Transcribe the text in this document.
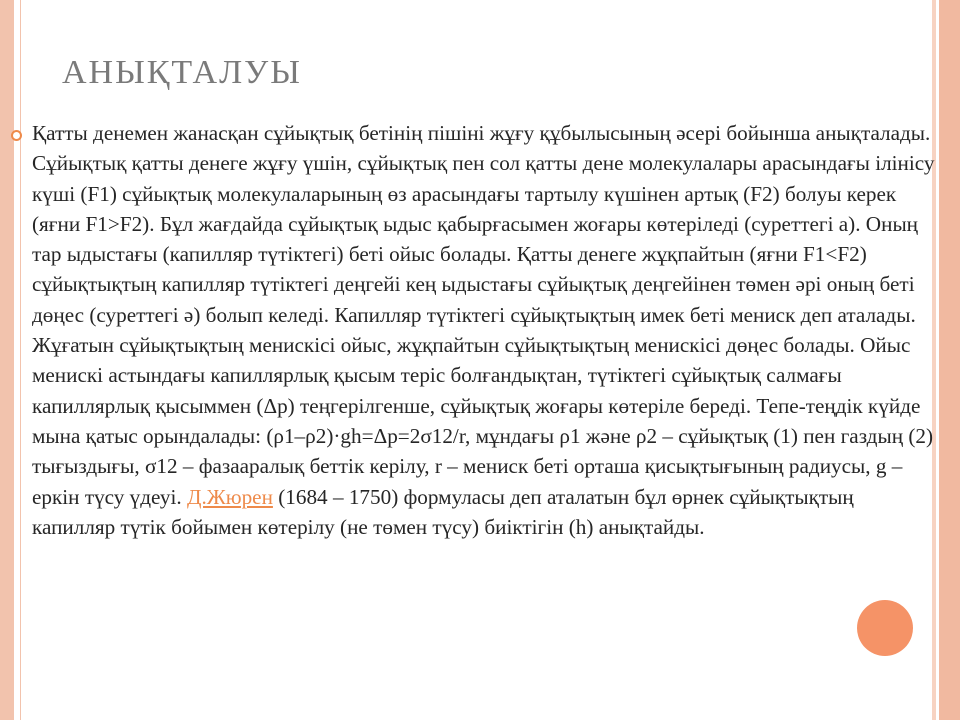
АНЫҚТАЛУЫ

Қатты денемен жанасқан сұйықтық бетінің пішіні жұғу құбылысының әсері бойынша анықталады. Сұйықтық қатты денеге жұғу үшін, сұйықтық пен сол қатты дене молекулалары арасындағы ілінісу күші (F1) сұйықтық молекулаларының өз арасындағы тартылу күшінен артық (F2) болуы керек (яғни F1>F2). Бұл жағдайда сұйықтық ыдыс қабырғасымен жоғары көтеріледі (суреттегі а). Оның тар ыдыстағы (капилляр түтіктегі) беті ойыс болады. Қатты денеге жұқпайтын (яғни F1<F2) сұйықтықтың капилляр түтіктегі деңгейі кең ыдыстағы сұйықтық деңгейінен төмен әрі оның беті дөңес (суреттегі ә) болып келеді. Капилляр түтіктегі сұйықтықтың имек беті мениск деп аталады. Жұғатын сұйықтықтың менискісі ойыс, жұқпайтын сұйықтықтың менискісі дөңес болады. Ойыс менискі астындағы капиллярлық қысым теріс болғандықтан, түтіктегі сұйықтық салмағы капиллярлық қысыммен (Δр) теңгерілгенше, сұйықтық жоғары көтеріле береді. Тепе-теңдік күйде мына қатыс орындалады: (ρ1–ρ2)·gh=Δр=2σ12/r, мұндағы ρ1 және ρ2 – сұйықтық (1) пен газдың (2) тығыздығы, σ12 – фазааралық беттік керілу, r – мениск беті орташа қисықтығының радиусы, g – еркін түсу үдеуі. Д.Жюрен (1684 – 1750) формуласы деп аталатын бұл өрнек сұйықтықтың капилляр түтік бойымен көтерілу (не төмен түсу) биіктігін (h) анықтайды.
